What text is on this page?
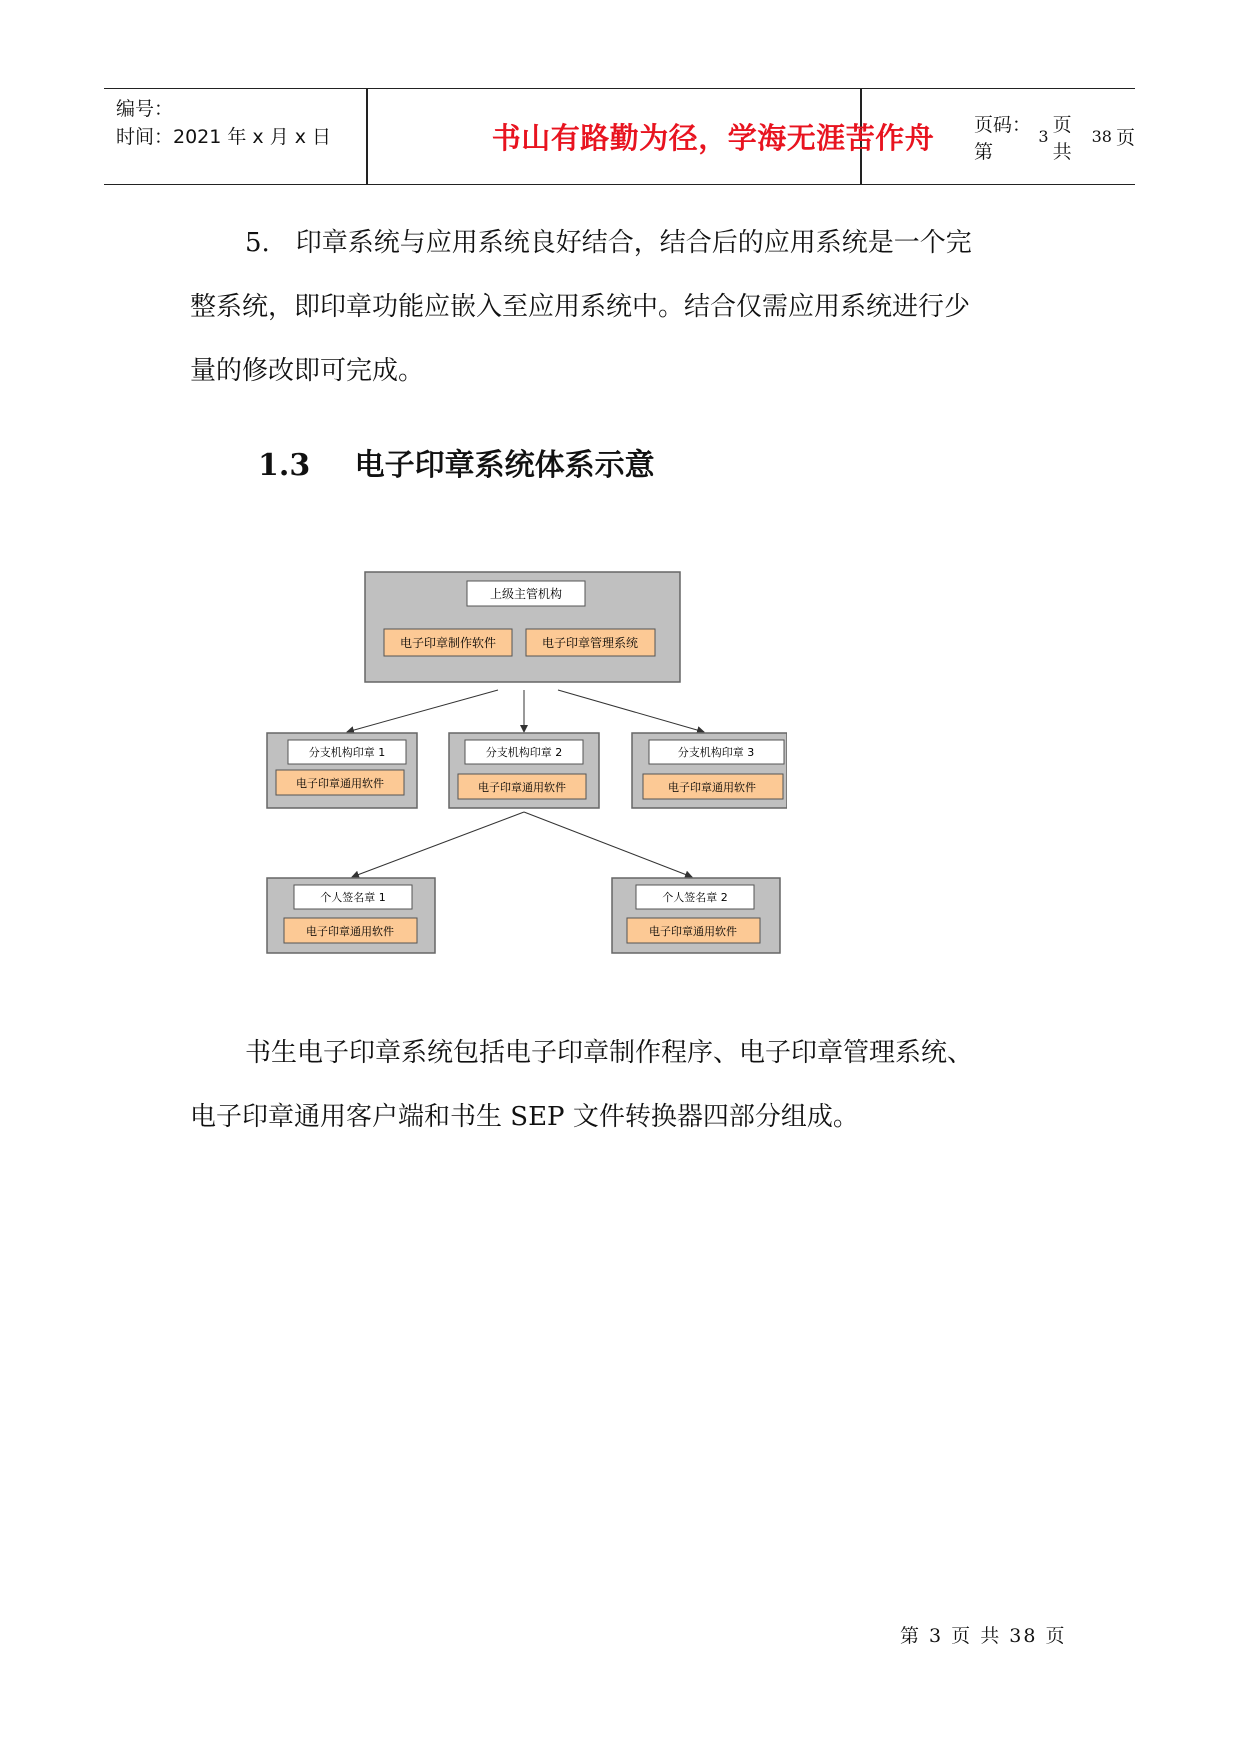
编号：
时间：2021 年 x 月 x 日	书山有路勤为径，学海无涯苦作舟	页码：第
3
页 共
38 页
5.　印章系统与应用系统良好结合，结合后的应用系统是一个完
整系统，即印章功能应嵌入至应用系统中。结合仅需应用系统进行少
量的修改即可完成。
1.3 电子印章系统体系示意
上级主管机构
电子印章制作软件	电子印章管理系统
分支机构印章 1
电子印章通用软件
分支机构印章 2
电子印章通用软件
分支机构印章 3
电子印章通用软件
个人签名章 1
电子印章通用软件
个人签名章 2
电子印章通用软件
书生电子印章系统包括电子印章制作程序、电子印章管理系统、
电子印章通用客户端和书生 SEP 文件转换器四部分组成。
第 3 页 共 38 页
